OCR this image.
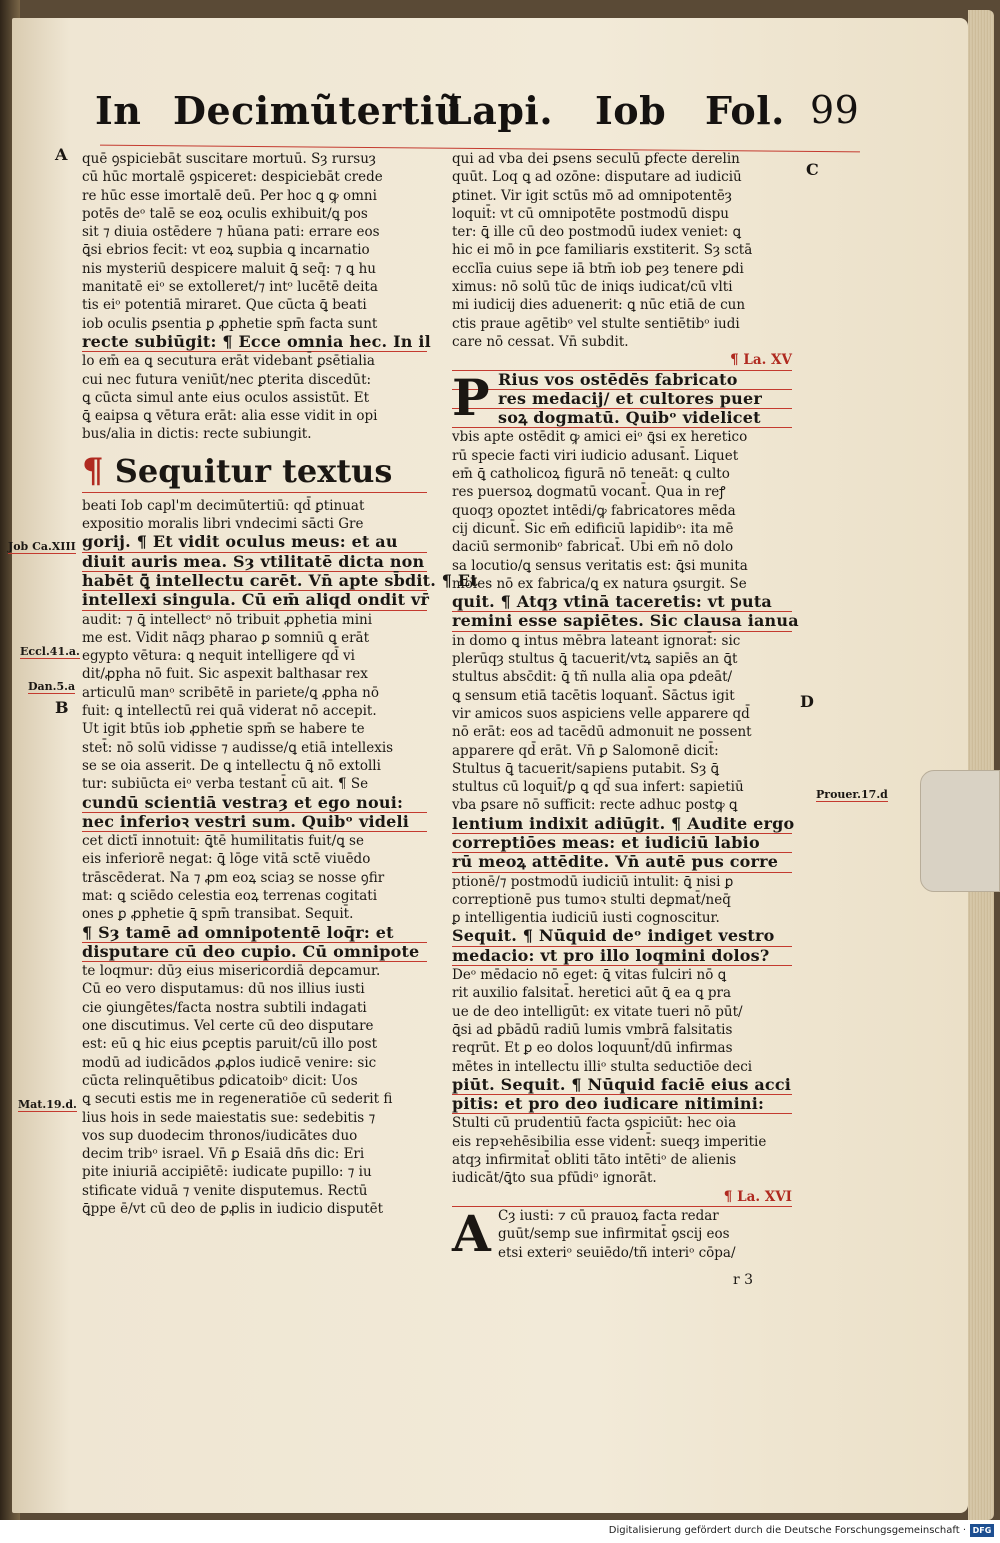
In Decimũtertiũ
Lapi. Iob Fol. 99
A
B
C
D
Job Ca.XIII
Eccl.41.a.
Dan.5.a
Mat.19.d.
Prouer.17.d
quē ꝯspiciebāt suscitare mortuū. Sȝ rursuȝ
cū hūc mortalē ꝯspiceret: despiciebāt crede
re hūc esse imortalē deū. Per hoc ꝗ ꝙ omni
potēs deᵒ talē se eoꝝ oculis exhibuit/ꝗ pos
sit ⁊ diuia ostēdere ⁊ hūana pati: errare eos
ꝗ̄si ebrios fecit: vt eoꝝ supbia ꝗ incarnatio
nis mysteriū despicere maluit ꝗ̄ seq̄: ⁊ ꝗ hu
manitatē eiᵒ se extolleret/⁊ intᵒ lucētē deita
tis eiᵒ potentiā miraret. Que cūcta ꝗ̄ beati
iob oculis ꝑsentia ꝑ ꝓphetie spm̄ facta sunt
recte subiūgit: ¶ Ecce omnia hec. In il
lo em̄ ea ꝗ secutura erāt videbant̄ ꝑsētialia
cui nec futura veniūt/nec ꝑterita discedūt:
ꝗ cūcta simul ante eius oculos assistūt. Et
ꝗ̄ eaipsa ꝗ vētura erāt: alia esse vidit in opi
bus/alia in dictis: recte subiungit.
¶ Sequitur textus
beati Iob capl'm decimūtertiū: qd̄ ꝑtinuat
expositio moralis libri vndecimi sācti Gre
gorij. ¶ Et vidit oculus meus: et au
diuit auris mea. Sȝ vtilitatē dicta non
habēt ꝗ̄ intellectu carēt. Vn̄ apte sb̄dit. ¶ Et
intellexi singula. Cū em̄ aliqd ondit vr̄
audit: ⁊ ꝗ̄ intellectᵒ nō tribuit ꝓphetia mini
me est. Vidit nāqȝ pharao ꝑ somniū ꝗ erāt
egypto vētura: ꝗ nequit intelligere qd̄ vi
dit/ꝓpha nō fuit. Sic aspexit balthasar rex
articulū manᵒ scribētē in pariete/ꝗ ꝓpha nō
fuit: ꝗ intellectū rei quā viderat nō accepit.
Ut igit btūs iob ꝓphetie spm̄ se habere te
stet̄: nō solū vidisse ⁊ audisse/ꝗ etiā intellexis
se se oia asserit. De ꝗ intellectu ꝗ̄ nō extolli
tur: subiūcta eiᵒ verba testant̄ cū ait. ¶ Se
cundū scientiā vestraȝ et ego noui:
nec inferioꝛ vestri sum. Quibᵒ videli
cet dictī innotuit: ꝗ̄tē humilitatis fuit/ꝗ se
eis inferiorē negat: ꝗ̄ lōge vitā sctē viuēdo
trāscēderat. Na ⁊ ꝓm eoꝝ sciaȝ se nosse ꝯfir
mat: ꝗ sciēdo celestia eoꝝ terrenas cogitati
ones ꝑ ꝓphetie ꝗ̄ spm̄ transibat. Sequit̄.
¶ Sȝ tamē ad omnipotentē loq̄r: et
disputare cū deo cupio. Cū omnipote
te loqmur: dūȝ eius misericordiā deꝑcamur.
Cū eo vero disputamus: dū nos illius iusti
cie ꝯiungētes/facta nostra subtili indagati
one discutimus. Vel certe cū deo disputare
est: eū ꝗ hic eius ꝑceptis paruit/cū illo post
modū ad iudicādos ꝓꝓlos iudicē venire: sic
cūcta relinquētibus ꝑdicatoibᵒ dicit: Uos
ꝗ secuti estis me in regeneratiōe cū sederit fi
lius hois in sede maiestatis sue: sedebitis ⁊
vos sup duodecim thronos/iudicātes duo
decim tribᵒ israel. Vn̄ ꝑ Esaiā dn̄s dic: Eri
pite iniuriā accipiētē: iudicate pupillo: ⁊ iu
stificate viduā ⁊ venite disputemus. Rectū
ꝗ̄ppe ē/vt cū deo de ꝑꝓlis in iudicio disputēt
qui ad vba dei ꝑsens seculū ꝑfecte derelin
quūt. Loq ꝗ ad ozōne: disputare ad iudiciū
ꝑtinet. Vir igit sctūs mō ad omnipotentēȝ
loquit̄: vt cū omnipotēte postmodū dispu
ter: ꝗ̄ ille cū deo postmodū iudex veniet: ꝗ
hic ei mō in ꝑce familiaris exstiterit. Sȝ sctā
ecclīa cuius sepe iā btm̄ iob ꝑeȝ tenere ꝑdi
ximus: nō solū tūc de iniqs iudicat/cū vlti
mi iudicij dies aduenerit: ꝗ nūc etiā de cun
ctis praue agētibᵒ vel stulte sentiētibᵒ iudi
care nō cessat. Vn̄ subdit.
¶ La. XV
P Rius vos ostēdēs fabricato
res medacij/ et cultores puer
soꝝ dogmatū. Quibᵒ videlicet
vbis apte ostēdit ꝙ amici eiᵒ ꝗ̄si ex heretico
rū specie facti viri iudicio adusant̄. Liquet
em̄ ꝗ̄ catholicoꝝ figurā nō teneāt: ꝗ culto
res puersoꝝ dogmatū vocant̄. Qua in reꝭ
quoqȝ opoztet intēdi/ꝙ fabricatores mēda
cij dicunt̄. Sic em̄ edificiū lapidibᵒ: ita mē
daciū sermonibᵒ fabricat̄. Ubi em̄ nō dolo
sa locutio/ꝗ sensus veritatis est: ꝗ̄si munita
moles nō ex fabrica/ꝗ ex natura ꝯsurgit. Se
quit. ¶ Atqȝ vtinā taceretis: vt puta
remini esse sapiētes. Sic clausa ianua
in domo ꝗ intus mēbra lateant ignorat̄: sic
plerūqȝ stultus ꝗ̄ tacuerit/vtꝝ sapiēs an ꝗ̄t
stultus absc̄dit: ꝗ̄ tñ nulla alia opa ꝑdeāt/
ꝗ sensum etiā tacētis loquant̄. Sāctus igit
vir amicos suos aspiciens velle apparere qd̄
nō erāt: eos ad tacēdū admonuit ne possent
apparere qd̄ erāt. Vn̄ ꝑ Salomonē dicit̄:
Stultus ꝗ̄ tacuerit/sapiens putabit. Sȝ ꝗ̄
stultus cū loquit̄/ꝑ ꝗ qd̄ sua infert: sapietiū
vba ꝑsare nō sufficit: recte adhuc postꝙ ꝗ
lentium indixit adiūgit. ¶ Audite ergo
correptiōes meas: et iudiciū labio
rū meoꝝ attēdite. Vn̄ autē pus corre
ptionē/⁊ postmodū iudiciū intulit: ꝗ̄ nisi ꝑ
correptionē pus tumoꝛ stulti deꝑmat̄/neq̄
ꝑ intelligentia iudiciū iusti cognoscitur.
Sequit. ¶ Nūquid deᵒ indiget vestro
medacio: vt pro illo loqmini dolos?
Deᵒ mēdacio nō eget: ꝗ̄ vitas fulciri nō ꝗ
rit auxilio falsitat̄. heretici aūt ꝗ̄ ea ꝗ pra
ue de deo intelligūt: ex vitate tueri nō pūt/
ꝗ̄si ad ꝑbādū radiū lumis vmbrā falsitatis
reqrūt. Et ꝑ eo dolos loquunt̄/dū infirmas
mētes in intellectu illiᵒ stulta seductiōe deci
piūt. Sequit. ¶ Nūquid faciē eius acci
pitis: et pro deo iudicare nitimini:
Stulti cū prudentiū facta ꝯspiciūt: hec oia
eis repꝛehēsibilia esse vident̄: sueqȝ imperitie
atqȝ infirmitat̄ obliti tāto intētiᵒ de alienis
iudicāt/ꝗ̄to sua pfūdiᵒ ignorāt.
¶ La. XVI
A Cȝ iusti: ⁊ cū prauoꝝ facta redar
guūt/semp sue infirmitat̄ ꝯscij eos
etsi exteriᵒ seuiēdo/tñ interiᵒ cōpa/
r 3
Digitalisierung gefördert durch die Deutsche Forschungsgemeinschaft · DFG
